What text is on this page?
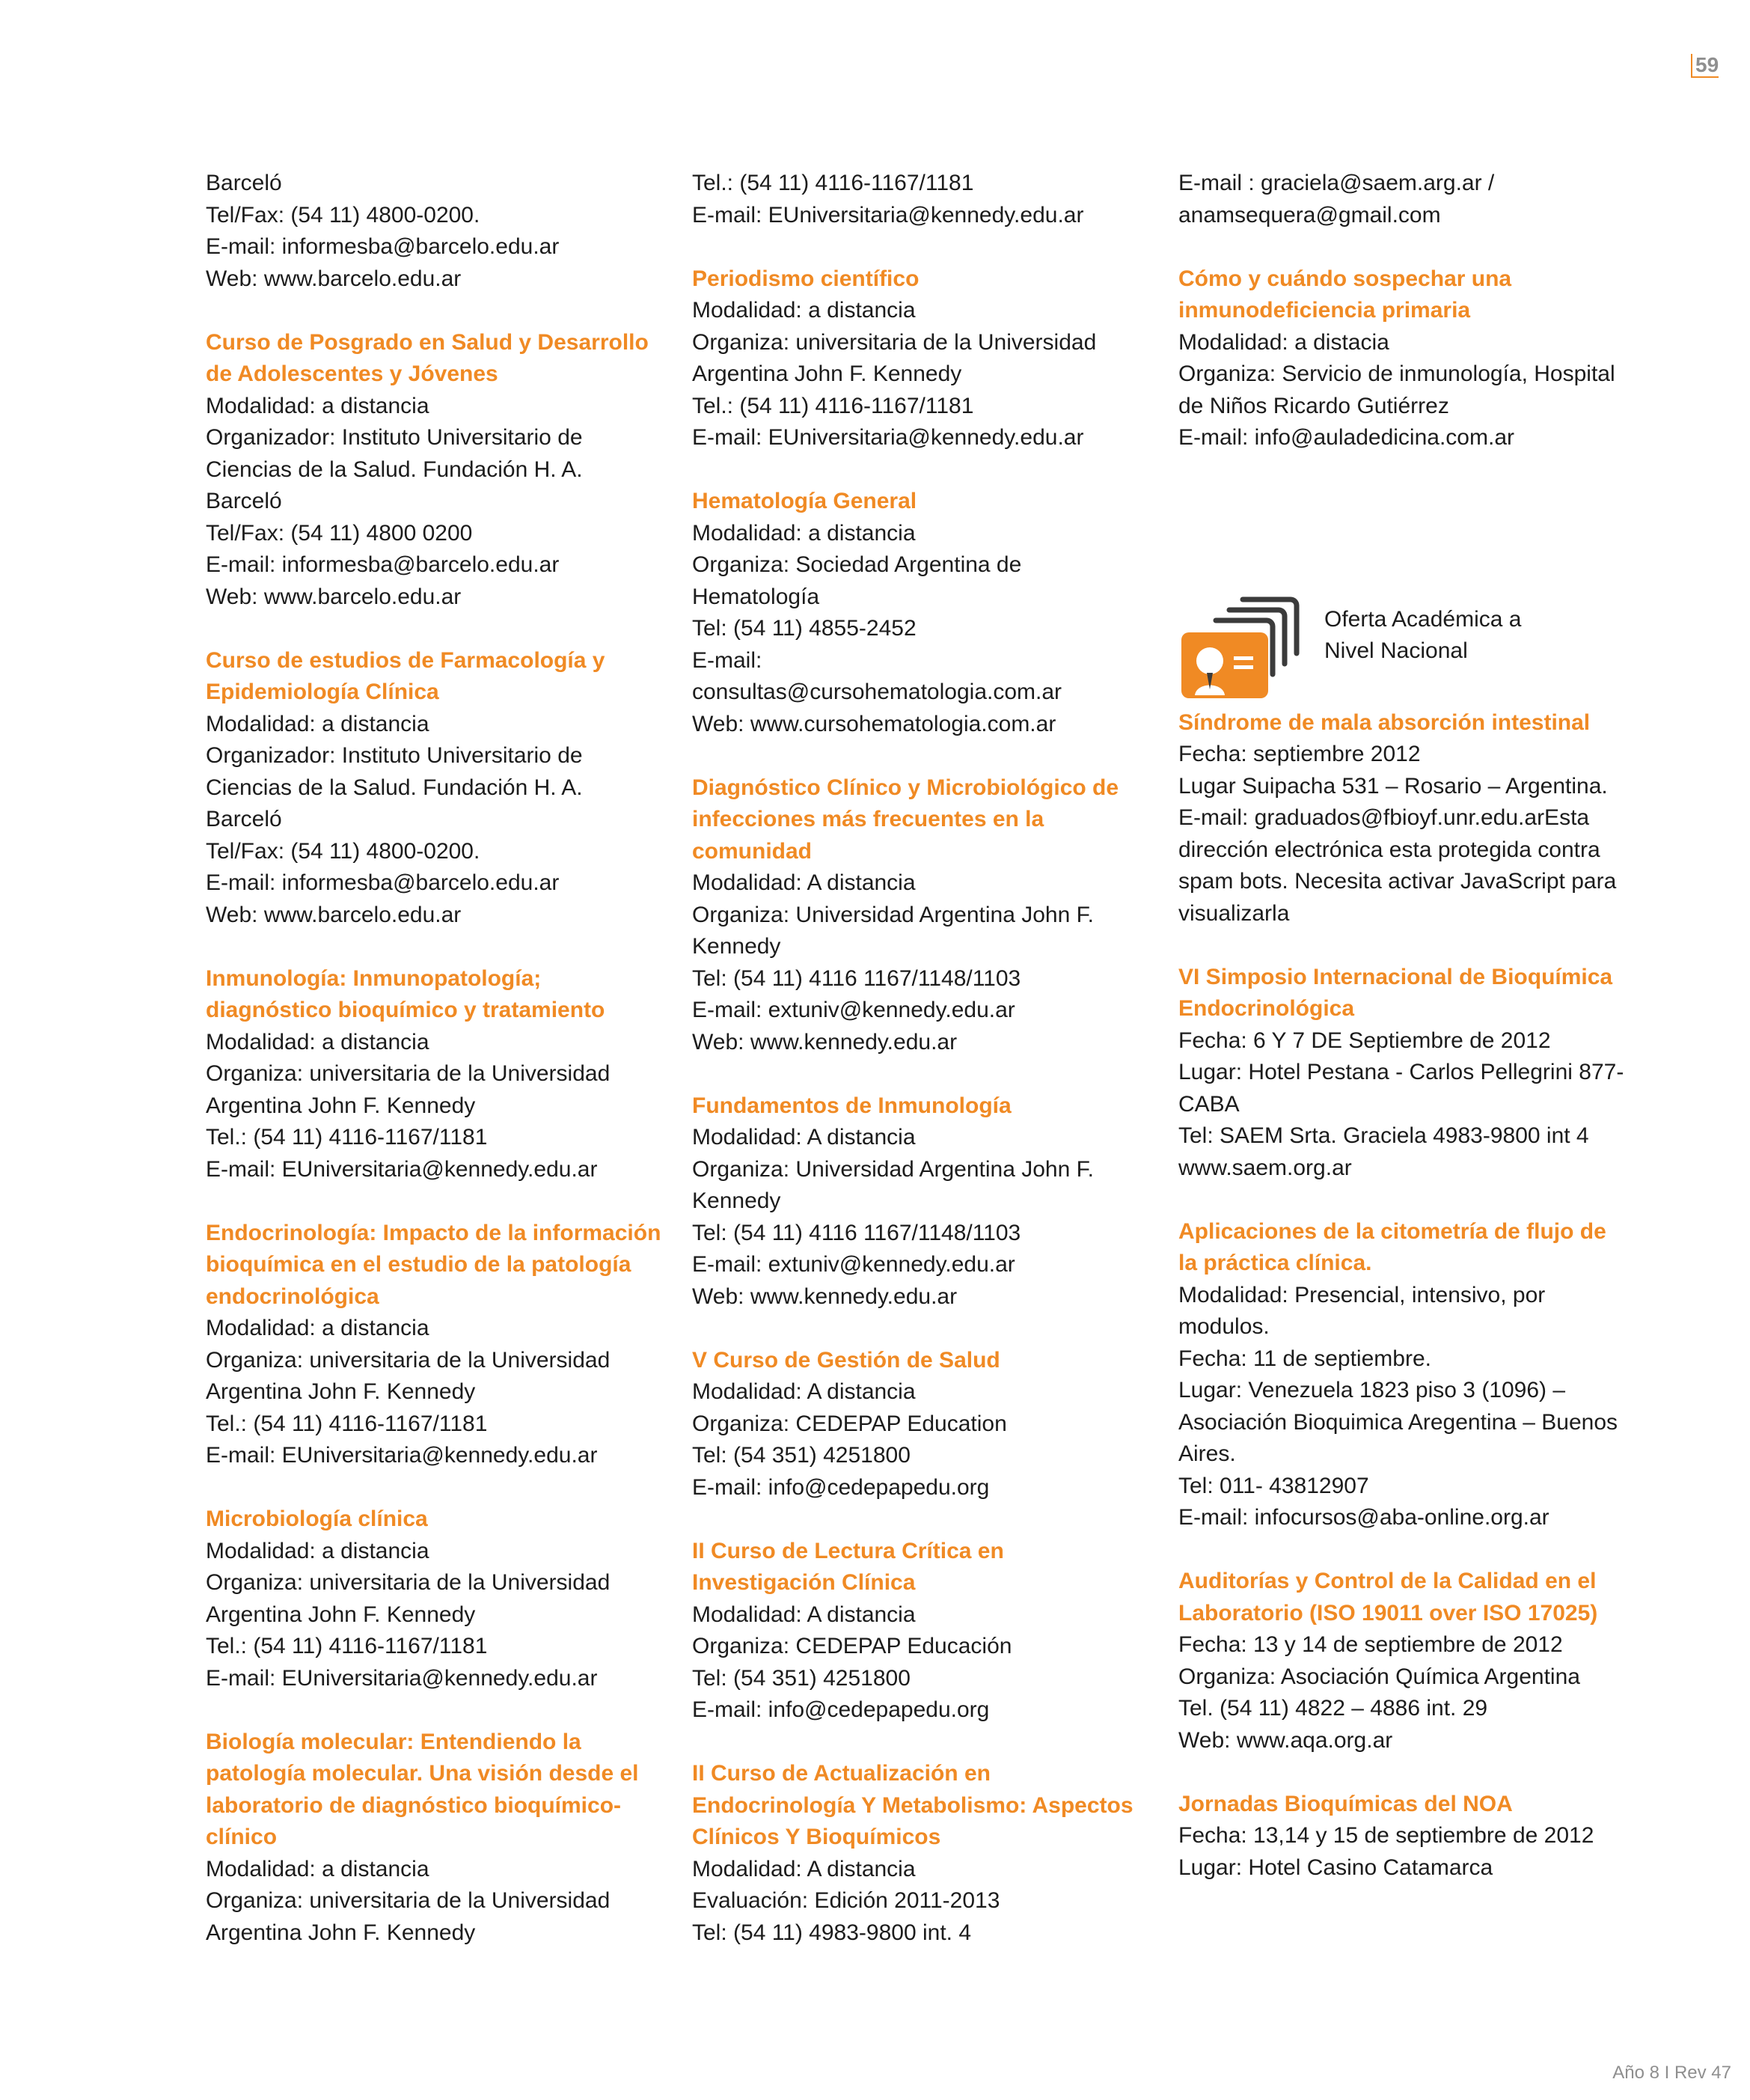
59
Barceló
Tel/Fax: (54 11) 4800-0200.
E-mail: informesba@barcelo.edu.ar
Web: www.barcelo.edu.ar
Curso de Posgrado en Salud y Desarrollo de Adolescentes y Jóvenes
Modalidad: a distancia
Organizador: Instituto Universitario de Ciencias de la Salud. Fundación H. A. Barceló
Tel/Fax: (54 11) 4800 0200
E-mail: informesba@barcelo.edu.ar
Web: www.barcelo.edu.ar
Curso de estudios de Farmacología y Epidemiología Clínica
Modalidad: a distancia
Organizador: Instituto Universitario de Ciencias de la Salud. Fundación H. A. Barceló
Tel/Fax: (54 11) 4800-0200.
E-mail: informesba@barcelo.edu.ar
Web: www.barcelo.edu.ar
Inmunología: Inmunopatología; diagnóstico bioquímico y tratamiento
Modalidad: a distancia
Organiza: universitaria de la Universidad Argentina John F. Kennedy
Tel.: (54 11) 4116-1167/1181
E-mail: EUniversitaria@kennedy.edu.ar
Endocrinología: Impacto de la información bioquímica en el estudio de la patología endocrinológica
Modalidad: a distancia
Organiza: universitaria de la Universidad Argentina John F. Kennedy
Tel.: (54 11) 4116-1167/1181
E-mail: EUniversitaria@kennedy.edu.ar
Microbiología clínica
Modalidad: a distancia
Organiza: universitaria de la Universidad Argentina John F. Kennedy
Tel.: (54 11) 4116-1167/1181
E-mail: EUniversitaria@kennedy.edu.ar
Biología molecular: Entendiendo la patología molecular. Una visión desde el laboratorio de diagnóstico bioquímico-clínico
Modalidad: a distancia
Organiza: universitaria de la Universidad Argentina John F. Kennedy
Tel.: (54 11) 4116-1167/1181
E-mail: EUniversitaria@kennedy.edu.ar
Periodismo científico
Modalidad: a distancia
Organiza: universitaria de la Universidad Argentina John F. Kennedy
Tel.: (54 11) 4116-1167/1181
E-mail: EUniversitaria@kennedy.edu.ar
Hematología General
Modalidad: a distancia
Organiza: Sociedad Argentina de Hematología
Tel: (54 11) 4855-2452
E-mail:
consultas@cursohematologia.com.ar
Web: www.cursohematologia.com.ar
Diagnóstico Clínico y Microbiológico de infecciones más frecuentes en la comunidad
Modalidad: A distancia
Organiza: Universidad Argentina John F. Kennedy
Tel: (54 11) 4116 1167/1148/1103
E-mail: extuniv@kennedy.edu.ar
Web: www.kennedy.edu.ar
Fundamentos de Inmunología
Modalidad: A distancia
Organiza: Universidad Argentina John F. Kennedy
Tel: (54 11) 4116 1167/1148/1103
E-mail: extuniv@kennedy.edu.ar
Web: www.kennedy.edu.ar
V Curso de Gestión de Salud
Modalidad: A distancia
Organiza: CEDEPAP Education
Tel: (54 351) 4251800
E-mail: info@cedepapedu.org
II Curso de Lectura Crítica en Investigación Clínica
Modalidad: A distancia
Organiza: CEDEPAP Educación
Tel: (54 351) 4251800
E-mail: info@cedepapedu.org
II Curso de Actualización en Endocrinología Y Metabolismo: Aspectos Clínicos Y Bioquímicos
Modalidad: A distancia
Evaluación: Edición 2011-2013
Tel: (54 11) 4983-9800 int. 4
E-mail : graciela@saem.arg.ar /
anamsequera@gmail.com
Cómo y cuándo sospechar una inmunodeficiencia primaria
Modalidad: a distacia
Organiza: Servicio de inmunología, Hospital de Niños Ricardo Gutiérrez
E-mail: info@auladedicina.com.ar
Oferta Académica a Nivel Nacional
Síndrome de mala absorción intestinal
Fecha: septiembre 2012
Lugar Suipacha 531 – Rosario – Argentina.
E-mail: graduados@fbioyf.unr.edu.arEsta dirección electrónica esta protegida contra spam bots. Necesita activar JavaScript para visualizarla
VI Simposio Internacional de Bioquímica Endocrinológica
Fecha: 6 Y 7 DE Septiembre de 2012
Lugar: Hotel Pestana - Carlos Pellegrini 877-CABA
Tel: SAEM Srta. Graciela 4983-9800 int 4
www.saem.org.ar
Aplicaciones de la citometría de flujo de la práctica clínica.
Modalidad: Presencial, intensivo, por modulos.
Fecha: 11 de septiembre.
Lugar: Venezuela 1823 piso 3 (1096) – Asociación Bioquimica Aregentina – Buenos Aires.
Tel: 011- 43812907
E-mail: infocursos@aba-online.org.ar
Auditorías y Control de la Calidad en el Laboratorio (ISO 19011 over ISO 17025)
Fecha: 13 y 14 de septiembre de 2012
Organiza: Asociación Química Argentina
Tel. (54 11) 4822 – 4886 int. 29
Web: www.aqa.org.ar
Jornadas Bioquímicas del NOA
Fecha: 13,14 y 15 de septiembre de 2012
Lugar: Hotel Casino Catamarca
Año 8 I Rev 47
